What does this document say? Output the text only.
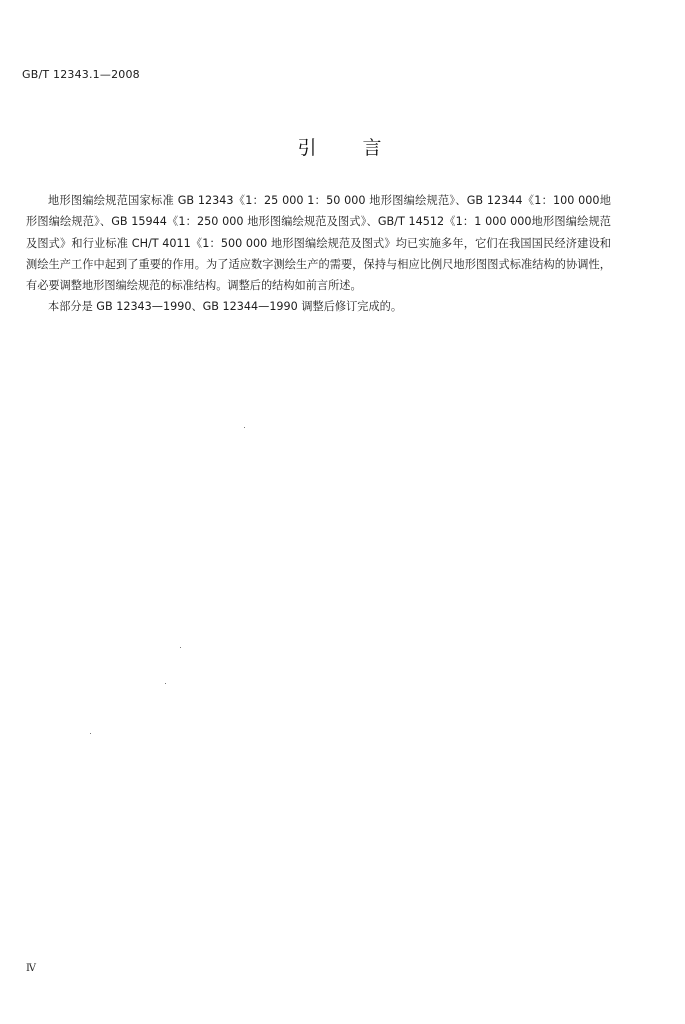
GB/T 12343.1—2008
引言

地形图编绘规范国家标准 GB 12343《1：25 000 1：50 000 地形图编绘规范》、GB 12344《1：100 000地形图编绘规范》、GB 15944《1：250 000 地形图编绘规范及图式》、GB/T 14512《1：1 000 000地形图编绘规范及图式》和行业标准 CH/T 4011《1：500 000 地形图编绘规范及图式》均已实施多年，它们在我国国民经济建设和测绘生产工作中起到了重要的作用。为了适应数字测绘生产的需要，保持与相应比例尺地形图图式标准结构的协调性，有必要调整地形图编绘规范的标准结构。调整后的结构如前言所述。

本部分是 GB 12343—1990、GB 12344—1990 调整后修订完成的。

Ⅳ
